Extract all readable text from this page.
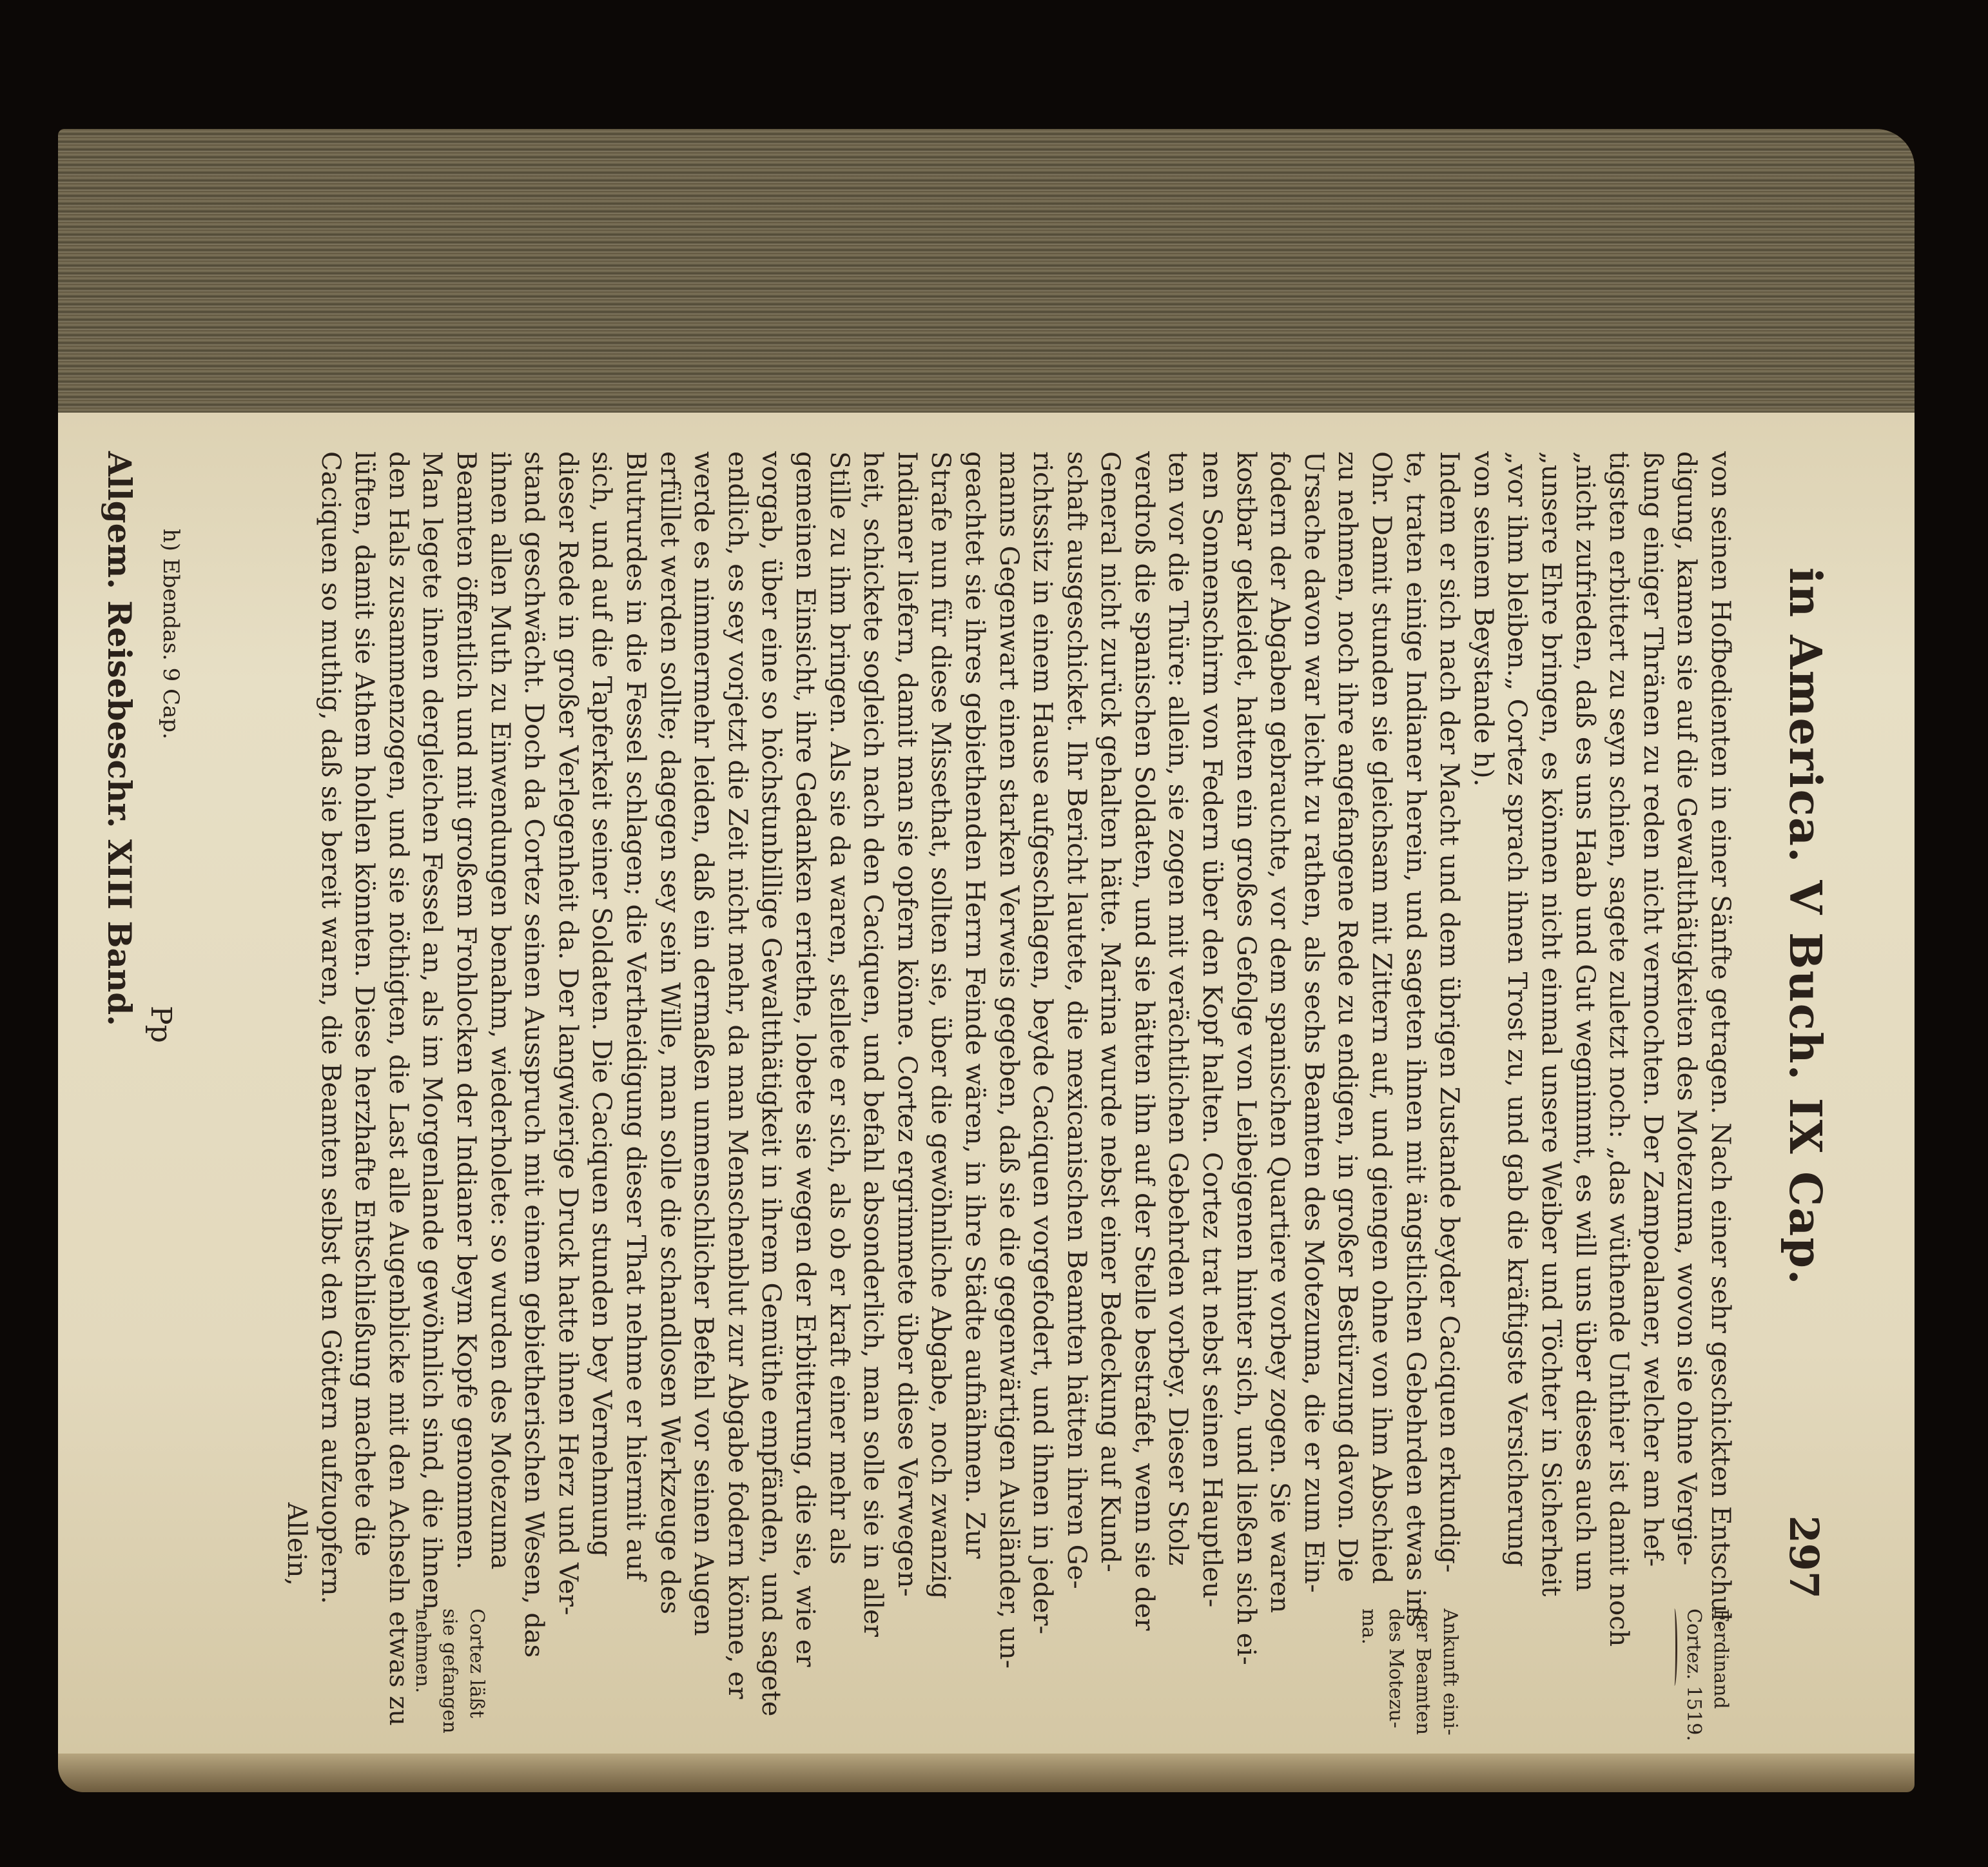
in America. V Buch. IX Cap.
297
von seinen Hofbedienten in einer Sänfte getragen. Nach einer sehr geschickten Entschul-
digung, kamen sie auf die Gewaltthätigkeiten des Motezuma, wovon sie ohne Vergie-
ßung einiger Thränen zu reden nicht vermochten. Der Zampoalaner, welcher am hef-
tigsten erbittert zu seyn schien, sagete zuletzt noch: „das wüthende Unthier ist damit noch
„nicht zufrieden, daß es uns Haab und Gut wegnimmt, es will uns über dieses auch um
„unsere Ehre bringen, es können nicht einmal unsere Weiber und Töchter in Sicherheit
„vor ihm bleiben.„ Cortez sprach ihnen Trost zu, und gab die kräftigste Versicherung
von seinem Beystande h).
Indem er sich nach der Macht und dem übrigen Zustande beyder Caciquen erkundig-
te, traten einige Indianer herein, und sageten ihnen mit ängstlichen Gebehrden etwas ins
Ohr. Damit stunden sie gleichsam mit Zittern auf, und giengen ohne von ihm Abschied
zu nehmen, noch ihre angefangene Rede zu endigen, in großer Bestürzung davon. Die
Ursache davon war leicht zu rathen, als sechs Beamten des Motezuma, die er zum Ein-
fodern der Abgaben gebrauchte, vor dem spanischen Quartiere vorbey zogen. Sie waren
kostbar gekleidet, hatten ein großes Gefolge von Leibeigenen hinter sich, und ließen sich ei-
nen Sonnenschirm von Federn über den Kopf halten. Cortez trat nebst seinen Hauptleu-
ten vor die Thüre: allein, sie zogen mit verächtlichen Gebehrden vorbey. Dieser Stolz
verdroß die spanischen Soldaten, und sie hätten ihn auf der Stelle bestrafet, wenn sie der
General nicht zurück gehalten hätte. Marina wurde nebst einer Bedeckung auf Kund-
schaft ausgeschicket. Ihr Bericht lautete, die mexicanischen Beamten hätten ihren Ge-
richtssitz in einem Hause aufgeschlagen, beyde Caciquen vorgefodert, und ihnen in jeder-
manns Gegenwart einen starken Verweis gegeben, daß sie die gegenwärtigen Ausländer, un-
geachtet sie ihres gebiethenden Herrn Feinde wären, in ihre Städte aufnähmen. Zur
Strafe nun für diese Missethat, sollten sie, über die gewöhnliche Abgabe, noch zwanzig
Indianer liefern, damit man sie opfern könne. Cortez ergrimmete über diese Verwegen-
heit, schickete sogleich nach den Caciquen, und befahl absonderlich, man solle sie in aller
Stille zu ihm bringen. Als sie da waren, stellete er sich, als ob er kraft einer mehr als
gemeinen Einsicht, ihre Gedanken erriethe, lobete sie wegen der Erbitterung, die sie, wie er
vorgab, über eine so höchstunbillige Gewaltthätigkeit in ihrem Gemüthe empfänden, und sagete
endlich, es sey vorjetzt die Zeit nicht mehr, da man Menschenblut zur Abgabe fodern könne, er
werde es nimmermehr leiden, daß ein dermaßen unmenschlicher Befehl vor seinen Augen
erfüllet werden sollte; dagegen sey sein Wille, man solle die schandlosen Werkzeuge des
Blutrurdes in die Fessel schlagen; die Vertheidigung dieser That nehme er hiermit auf
sich, und auf die Tapferkeit seiner Soldaten. Die Caciquen stunden bey Vernehmung
dieser Rede in großer Verlegenheit da. Der langwierige Druck hatte ihnen Herz und Ver-
stand geschwächt. Doch da Cortez seinen Ausspruch mit einem gebietherischen Wesen, das
ihnen allen Muth zu Einwendungen benahm, wiederholete: so wurden des Motezuma
Beamten öffentlich und mit großem Frohlocken der Indianer beym Kopfe genommen.
Man legete ihnen dergleichen Fessel an, als im Morgenlande gewöhnlich sind, die ihnen
den Hals zusammenzogen, und sie nöthigten, die Last alle Augenblicke mit den Achseln etwas zu
lüften, damit sie Athem hohlen könnten. Diese herzhafte Entschließung machete die
Caciquen so muthig, daß sie bereit waren, die Beamten selbst den Göttern aufzuopfern.
Allein,
Ferdinand
Cortez. 1519.
Ankunft eini-
ger Beamten
des Motezu-
ma.
Cortez läßt
sie gefangen
nehmen.
h) Ebendas. 9 Cap.
Pp
Allgem. Reisebeschr. XIII Band.
